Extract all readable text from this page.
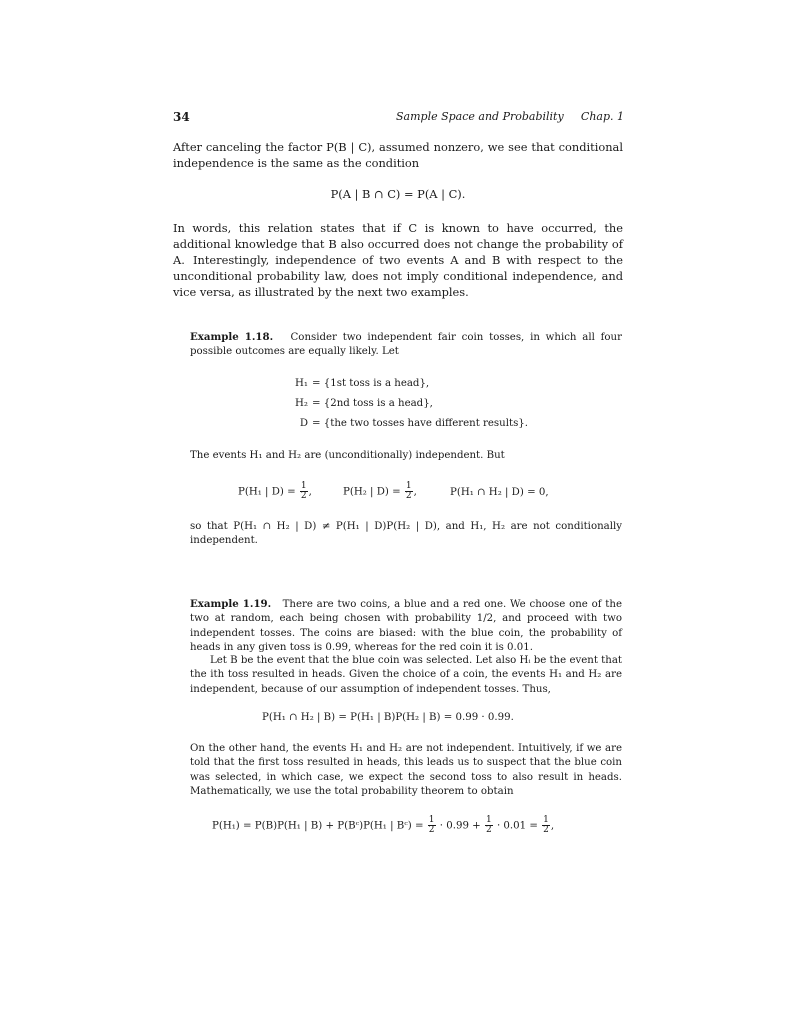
34	Sample Space and Probability Chap. 1
After canceling the factor P(B | C), assumed nonzero, we see that conditional independence is the same as the condition
P(A | B ∩ C) = P(A | C).
In words, this relation states that if C is known to have occurred, the additional knowledge that B also occurred does not change the probability of A. Interestingly, independence of two events A and B with respect to the unconditional probability law, does not imply conditional independence, and vice versa, as illustrated by the next two examples.
Example 1.18. Consider two independent fair coin tosses, in which all four possible outcomes are equally likely. Let
H₁ = {1st toss is a head},
H₂ = {2nd toss is a head},
D = {the two tosses have different results}.
The events H₁ and H₂ are (unconditionally) independent. But
P(H₁ | $D) = \frac{1}{2}$ ,	P(H₂ | $D) = \frac{1}{2}$ ,	P(H₁ ∩ H₂ | D) = 0,
so that P(H₁ ∩ H₂ | D) ≠ P(H₁ | D)P(H₂ | D), and H₁, H₂ are not conditionally independent.
Example 1.19. There are two coins, a blue and a red one. We choose one of the two at random, each being chosen with probability 1/2, and proceed with two independent tosses. The coins are biased: with the blue coin, the probability of heads in any given toss is 0.99, whereas for the red coin it is 0.01.
Let B be the event that the blue coin was selected. Let also Hᵢ be the event that the ith toss resulted in heads. Given the choice of a coin, the events H₁ and H₂ are independent, because of our assumption of independent tosses. Thus,
P(H₁ ∩ H₂ | B) = P(H₁ | B)P(H₂ | B) = 0.99 · 0.99.
On the other hand, the events H₁ and H₂ are not independent. Intuitively, if we are told that the first toss resulted in heads, this leads us to suspect that the blue coin was selected, in which case, we expect the second toss to also result in heads. Mathematically, we use the total probability theorem to obtain
P(H₁) = P(B)P(H₁ | B) + P(Bᶜ)P(H₁ | Bᶜ) = $\frac{1}{2} \cdot 0.99 + \frac{1}{2} \cdot 0.01 = \frac{1}{2}$ ,
